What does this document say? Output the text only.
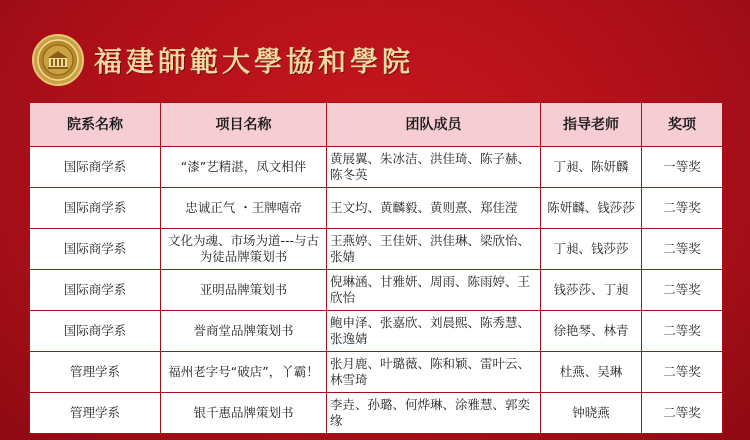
福建師範大學協和學院
院系名称	项目名称	团队成员	指导老师	奖项
国际商学系	“漆”艺精湛，凤文相伴	黄展翼、朱冰洁、洪佳琦、陈子赫、陈冬英	丁昶、陈妍麟	一等奖
国际商学系	忠诚正气 ・王牌嘻帝	王文均、黄麟毅、黄则熹、郑佳滢	陈妍麟、钱莎莎	二等奖
国际商学系	文化为魂、市场为道---与古为徒品牌策划书	王燕婷、王佳妍、洪佳琳、梁欣怡、张婧	丁昶、钱莎莎	二等奖
国际商学系	亚明品牌策划书	倪琳涵、甘雅妍、周雨、陈雨婷、王欣怡	钱莎莎、丁昶	二等奖
国际商学系	誉商堂品牌策划书	鲍申泽、张嘉欣、刘晨熙、陈秀慧、张逸婧	徐艳琴、林青	二等奖
管理学系	福州老字号“破店”，丫霸！	张月鹿、叶璐薇、陈和颖、雷叶云、林雪琦	杜燕、吴琳	二等奖
管理学系	银千惠品牌策划书	李垚、孙璐、何烨琳、涂雅慧、郭奕缘	钟晓燕	二等奖
